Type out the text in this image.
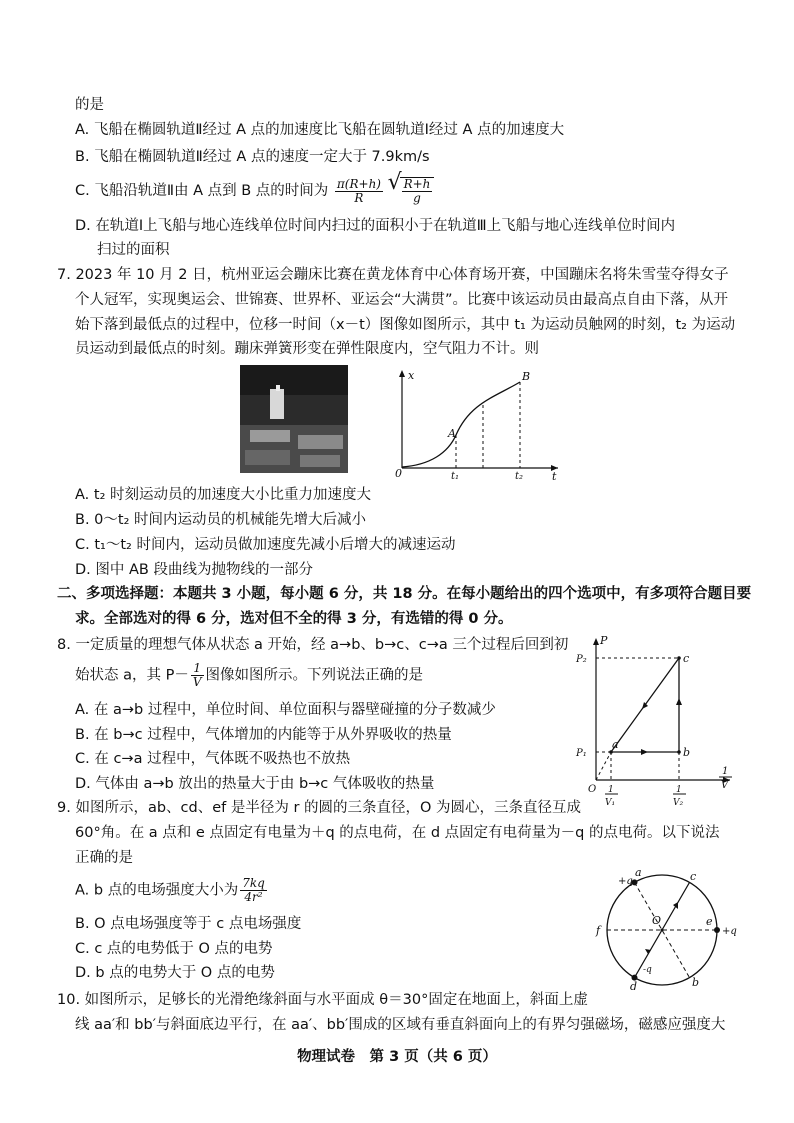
的是
A. 飞船在椭圆轨道Ⅱ经过 A 点的加速度比飞船在圆轨道Ⅰ经过 A 点的加速度大
B. 飞船在椭圆轨道Ⅱ经过 A 点的速度一定大于 7.9km/s
C. 飞船沿轨道Ⅱ由 A 点到 B 点的时间为 $\frac{\pi(R+h)}{R}$

√ $\frac{R+h}{g}$
D. 在轨道Ⅰ上飞船与地心连线单位时间内扫过的面积小于在轨道Ⅲ上飞船与地心连线单位时间内
扫过的面积
7. 2023 年 10 月 2 日，杭州亚运会蹦床比赛在黄龙体育中心体育场开赛，中国蹦床名将朱雪莹夺得女子
个人冠军，实现奥运会、世锦赛、世界杯、亚运会“大满贯”。比赛中该运动员由最高点自由下落，从开
始下落到最低点的过程中，位移一时间（x－t）图像如图所示，其中 t₁ 为运动员触网的时刻，t₂ 为运动
员运动到最低点的时刻。蹦床弹簧形变在弹性限度内，空气阻力不计。则
x
t
0
A
B
t₁	t₂
A. t₂ 时刻运动员的加速度大小比重力加速度大
B. 0～t₂ 时间内运动员的机械能先增大后减小
C. t₁～t₂ 时间内，运动员做加速度先减小后增大的减速运动
D. 图中 AB 段曲线为抛物线的一部分
二、多项选择题：本题共 3 小题，每小题 6 分，共 18 分。在每小题给出的四个选项中，有多项符合题目要
求。全部选对的得 6 分，选对但不全的得 3 分，有选错的得 0 分。
8. 一定质量的理想气体从状态 a 开始，经 a→b、b→c、c→a 三个过程后回到初
始状态 a，其 $P- \frac{1}{V}$ 图像如图所示。下列说法正确的是
A. 在 a→b 过程中，单位时间、单位面积与器壁碰撞的分子数减少
B. 在 b→c 过程中，气体增加的内能等于从外界吸收的热量
C. 在 c→a 过程中，气体既不吸热也不放热
D. 气体由 a→b 放出的热量大于由 b→c 气体吸收的热量
P
P₂
P₁
a
b
c
O 1
V₁
1
V₂
1
V
9. 如图所示，ab、cd、ef 是半径为 r 的圆的三条直径，O 为圆心，三条直径互成
60°角。在 a 点和 e 点固定有电量为＋q 的点电荷，在 d 点固定有电荷量为－q 的点电荷。以下说法
正确的是
A. b 点的电场强度大小为 $\frac{7kq}{\text{4r²}}$
B. O 点电场强度等于 c 点电场强度
C. c 点的电势低于 O 点的电势
D. b 点的电势大于 O 点的电势
a
+q	c
O
f
e
+q
d
-q
b
10. 如图所示，足够长的光滑绝缘斜面与水平面成 θ＝30°固定在地面上，斜面上虚
线 aa′和 bb′与斜面底边平行，在 aa′、bb′围成的区域有垂直斜面向上的有界匀强磁场，磁感应强度大
物理试卷　第 3 页（共 6 页）
